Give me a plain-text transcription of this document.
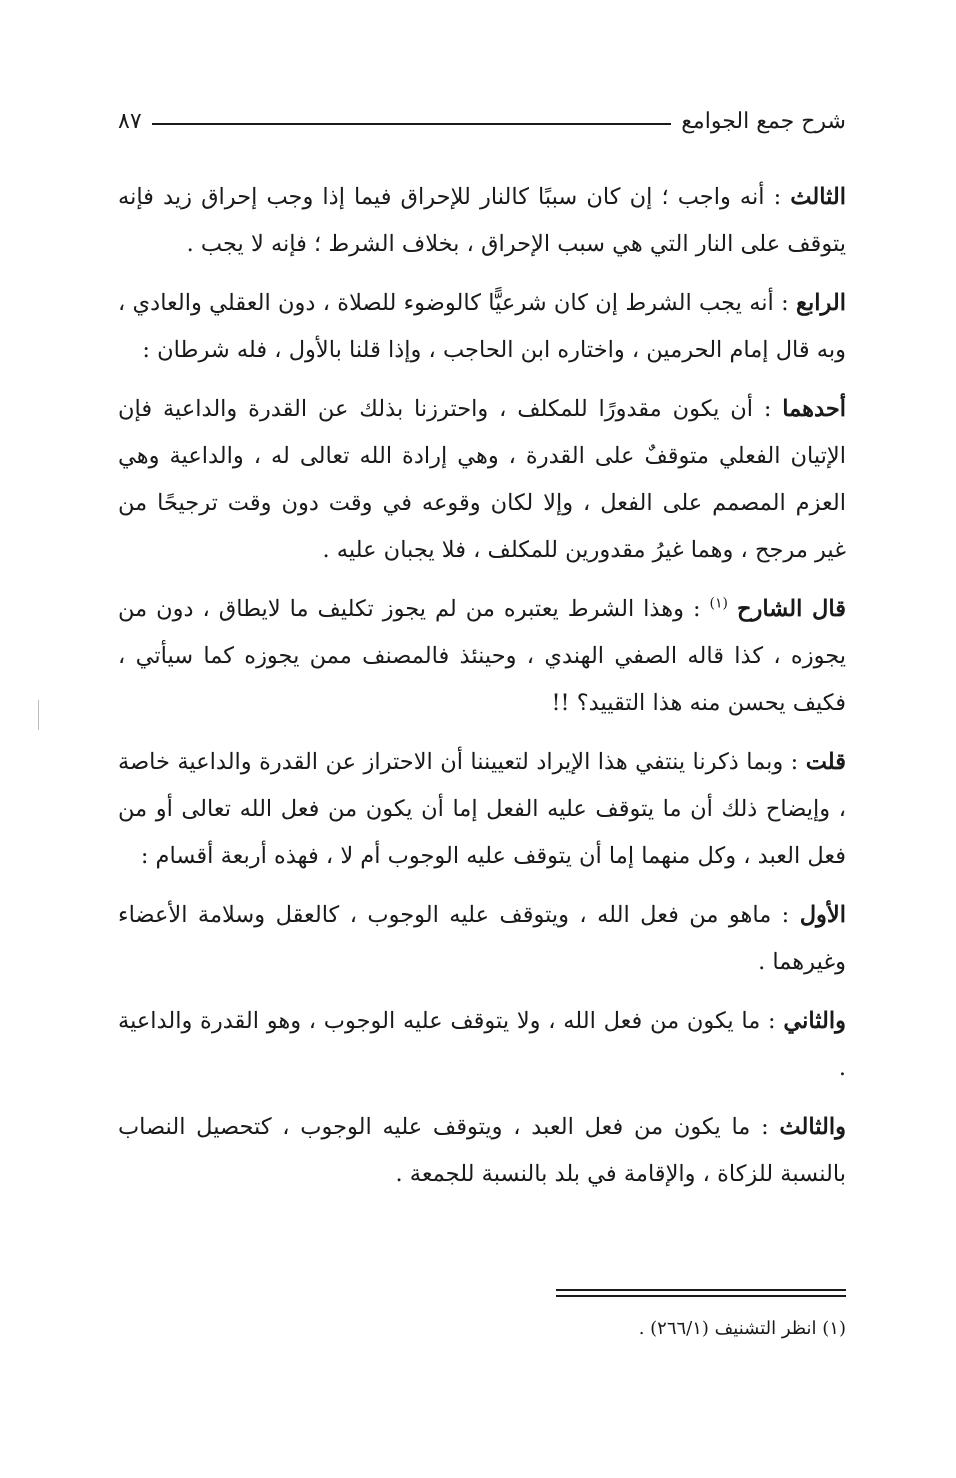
شرح جمع الجوامع
٨٧

الثالث : أنه واجب ؛ إن كان سببًا كالنار للإحراق فيما إذا وجب إحراق زيد فإنه يتوقف على النار التي هي سبب الإحراق ، بخلاف الشرط ؛ فإنه لا يجب .

الرابع : أنه يجب الشرط إن كان شرعيًّا كالوضوء للصلاة ، دون العقلي والعادي ، وبه قال إمام الحرمين ، واختاره ابن الحاجب ، وإذا قلنا بالأول ، فله شرطان :

أحدهما : أن يكون مقدورًا للمكلف ، واحترزنا بذلك عن القدرة والداعية فإن الإتيان الفعلي متوقفٌ على القدرة ، وهي إرادة الله تعالى له ، والداعية وهي العزم المصمم على الفعل ، وإلا لكان وقوعه في وقت دون وقت ترجيحًا من غير مرجح ، وهما غيرُ مقدورين للمكلف ، فلا يجبان عليه .

قال الشارح $^{(١)}$ : وهذا الشرط يعتبره من لم يجوز تكليف ما لايطاق ، دون من يجوزه ، كذا قاله الصفي الهندي ، وحينئذ فالمصنف ممن يجوزه كما سيأتي ، فكيف يحسن منه هذا التقييد؟ !!

قلت : وبما ذكرنا ينتفي هذا الإيراد لتعييننا أن الاحتراز عن القدرة والداعية خاصة ، وإيضاح ذلك أن ما يتوقف عليه الفعل إما أن يكون من فعل الله تعالى أو من فعل العبد ، وكل منهما إما أن يتوقف عليه الوجوب أم لا ، فهذه أربعة أقسام :

الأول : ماهو من فعل الله ، ويتوقف عليه الوجوب ، كالعقل وسلامة الأعضاء وغيرهما .

والثاني : ما يكون من فعل الله ، ولا يتوقف عليه الوجوب ، وهو القدرة والداعية .

والثالث : ما يكون من فعل العبد ، ويتوقف عليه الوجوب ، كتحصيل النصاب بالنسبة للزكاة ، والإقامة في بلد بالنسبة للجمعة .

(١) انظر التشنيف (٢٦٦/١) .
